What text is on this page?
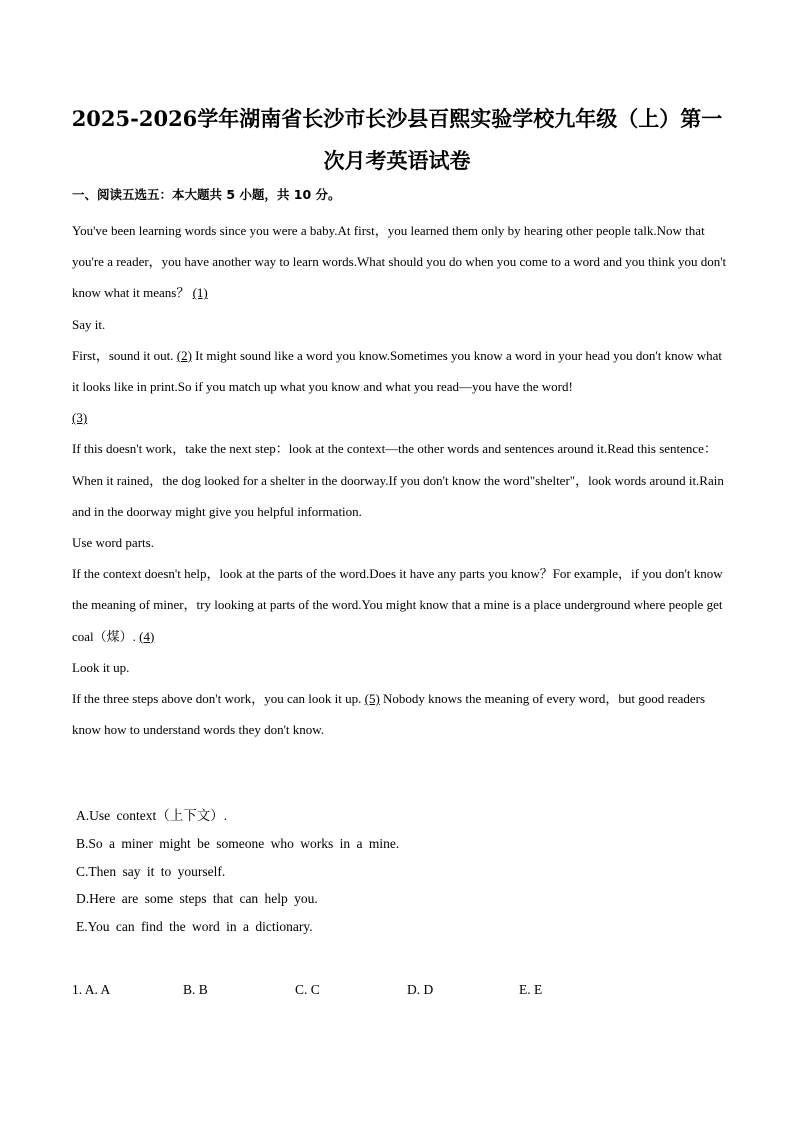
2025-2026学年湖南省长沙市长沙县百熙实验学校九年级（上）第一
次月考英语试卷
一、阅读五选五：本大题共 5 小题，共 10 分。

You've been learning words since you were a baby.At first，you learned them only by hearing other people talk.Now that you're a reader，you have another way to learn words.What should you do when you come to a word and you think you don't know what it means？ (1)

Say it.

First，sound it out. (2) It might sound like a word you know.Sometimes you know a word in your head you don't know what it looks like in print.So if you match up what you know and what you read—you have the word!

(3)

If this doesn't work，take the next step：look at the context—the other words and sentences around it.Read this sentence：When it rained，the dog looked for a shelter in the doorway.If you don't know the word"shelter"，look words around it.Rain and in the doorway might give you helpful information.

Use word parts.

If the context doesn't help，look at the parts of the word.Does it have any parts you know？For example，if you don't know the meaning of miner，try looking at parts of the word.You might know that a mine is a place underground where people get coal（煤）. (4)

Look it up.

If the three steps above don't work，you can look it up. (5) Nobody knows the meaning of every word，but good readers know how to understand words they don't know.

A.Use context（上下文）.

B.So a miner might be someone who works in a mine.

C.Then say it to yourself.

D.Here are some steps that can help you.

E.You can find the word in a dictionary.

1. A. A	B. B	C. C	D. D	E. E
